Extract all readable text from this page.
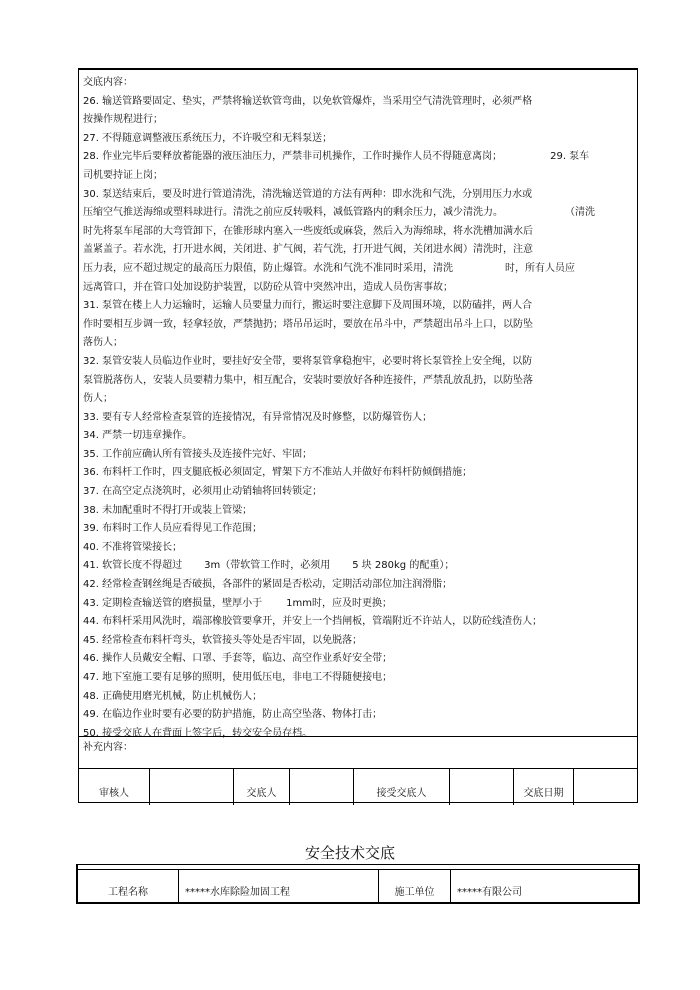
交底内容：
26. 输送管路要固定、垫实，严禁将输送软管弯曲，以免软管爆炸，当采用空气清洗管理时，必须严格
按操作规程进行；
27. 不得随意调整液压系统压力，不许吸空和无料泵送；
28. 作业完毕后要释放蓄能器的液压油压力，严禁非司机操作，工作时操作人员不得随意离岗；	29. 泵车
司机要持证上岗；
30. 泵送结束后，要及时进行管道清洗，清洗输送管道的方法有两种：即水洗和气洗，分别用压力水或
压缩空气推送海绵或塑料球进行。清洗之前应反转吸料，减低管路内的剩余压力，减少清洗力。	（清洗
时先将泵车尾部的大弯管卸下，在锥形球内塞入一些废纸或麻袋，然后入为海绵球，将水洗槽加满水后
盖紧盖子。若水洗，打开进水阀，关闭进、扩气阀，若气洗，打开进气阀，关闭进水阀）清洗时，注意
压力表，应不超过规定的最高压力限值，防止爆管。水洗和气洗不准同时采用，清洗	时，所有人员应
远离管口，并在管口处加设防护装置，以防砼从管中突然冲出，造成人员伤害事故；
31. 泵管在楼上人力运输时，运输人员要量力而行，搬运时要注意脚下及周围环境，以防磕拌，两人合
作时要相互步调一致，轻拿轻放，严禁抛扔；塔吊吊运时，要放在吊斗中，严禁超出吊斗上口，以防坠
落伤人；
32. 泵管安装人员临边作业时，要挂好安全带，要将泵管拿稳抱牢，必要时将长泵管拴上安全绳，以防
泵管脱落伤人，安装人员要精力集中，相互配合，安装时要放好各种连接件，严禁乱放乱扔，以防坠落
伤人；
33. 要有专人经常检查泵管的连接情况，有异常情况及时修整，以防爆管伤人；
34. 严禁一切违章操作。
35. 工作前应确认所有管接头及连接件完好、牢固；
36. 布料杆工作时，四支腿底板必须固定，臂架下方不准站人并做好布料杆防倾倒措施；
37. 在高空定点浇筑时，必须用止动销轴将回转锁定；
38. 未加配重时不得打开或装上管梁；
39. 布料时工作人员应看得见工作范围；
40. 不准将管梁接长；
41. 软管长度不得超过 3m（带软管工作时，必须用 5 块 280kg 的配重）；
42. 经常检查钢丝绳是否破损，各部件的紧固是否松动，定期活动部位加注润滑脂；
43. 定期检查输送管的磨损量，壁厚小于 1mm时，应及时更换；
44. 布料杆采用风洗时，端部橡胶管要拿开，并安上一个挡闸板，管端附近不许站人，以防砼线渣伤人；
45. 经常检查布料杆弯头，软管接头等处是否牢固，以免脱落；
46. 操作人员戴安全帽、口罩、手套等，临边、高空作业系好安全带；
47. 地下室施工要有足够的照明，使用低压电，非电工不得随便接电；
48. 正确使用磨光机械，防止机械伤人；
49. 在临边作业时要有必要的防护措施，防止高空坠落、物体打击；
50. 接受交底人在背面上签字后，转交安全员存档。
补充内容：
审核人	交底人	接受交底人	交底日期
安全技术交底
工程名称	*****水库除险加固工程	施工单位	*****有限公司
